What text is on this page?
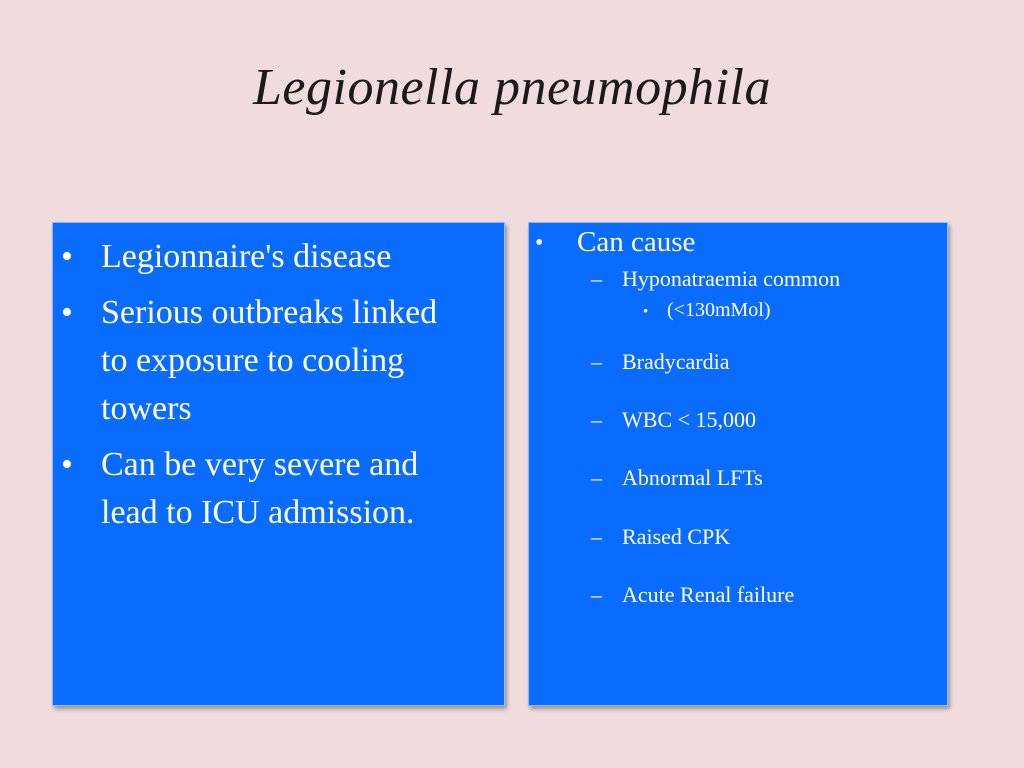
Legionella pneumophila
• Legionnaire's disease
• Serious outbreaks linked
to exposure to cooling
towers
• Can be very severe and
lead to ICU admission.
• Can cause
– Hyponatraemia common
• (<130mMol)
– Bradycardia
– WBC < 15,000
– Abnormal LFTs
– Raised CPK
– Acute Renal failure
